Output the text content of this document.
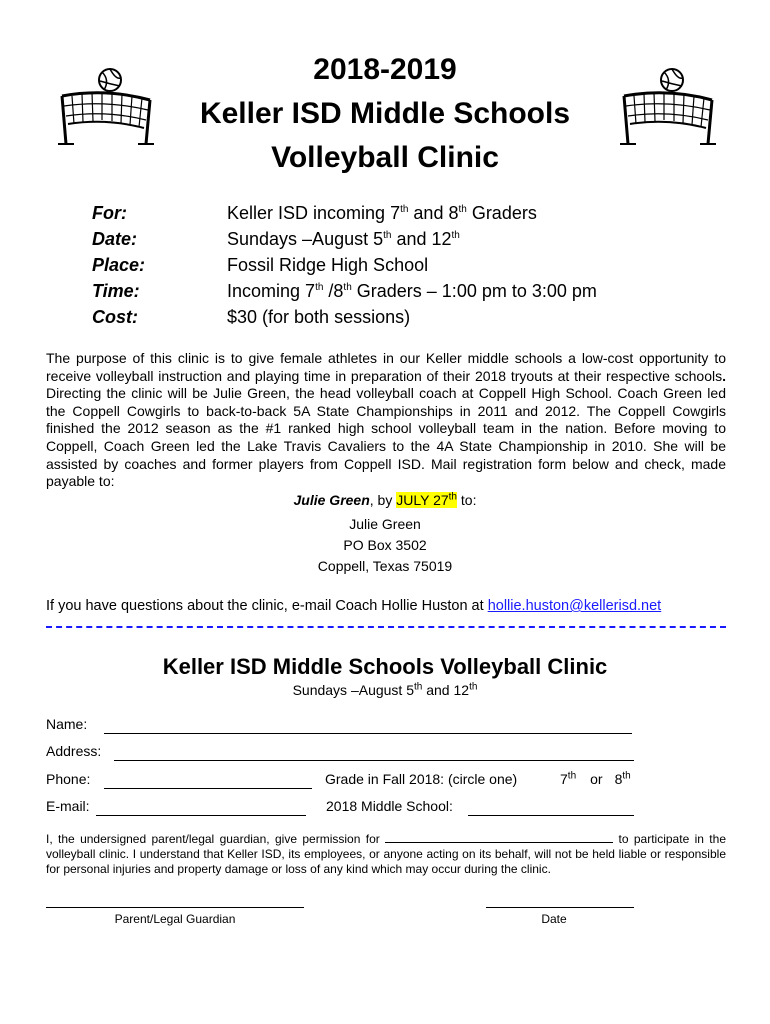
2018-2019
Keller ISD Middle Schools
Volleyball Clinic
For:	Keller ISD incoming 7th and 8th Graders
Date:	Sundays –August 5th and 12th
Place:	Fossil Ridge High School
Time:	Incoming 7th /8th Graders – 1:00 pm to 3:00 pm
Cost:	$30 (for both sessions)
The purpose of this clinic is to give female athletes in our Keller middle schools a low-cost opportunity to receive volleyball instruction and playing time in preparation of their 2018 tryouts at their respective schools. Directing the clinic will be Julie Green, the head volleyball coach at Coppell High School. Coach Green led the Coppell Cowgirls to back-to-back 5A State Championships in 2011 and 2012. The Coppell Cowgirls finished the 2012 season as the #1 ranked high school volleyball team in the nation. Before moving to Coppell, Coach Green led the Lake Travis Cavaliers to the 4A State Championship in 2010. She will be assisted by coaches and former players from Coppell ISD. Mail registration form below and check, made payable to:
Julie Green, by JULY 27th to:
Julie Green
PO Box 3502
Coppell, Texas 75019
If you have questions about the clinic, e-mail Coach Hollie Huston at hollie.huston@kellerisd.net
Keller ISD Middle Schools Volleyball Clinic
Sundays –August 5th and 12th
Name:
Address:
Phone:	Grade in Fall 2018: (circle one)	7th or 8th
E-mail:	2018 Middle School:
I, the undersigned parent/legal guardian, give permission for	to participate in the volleyball clinic. I understand that Keller ISD, its employees, or anyone acting on its behalf, will not be held liable or responsible for personal injuries and property damage or loss of any kind which may occur during the clinic.
Parent/Legal Guardian	Date
